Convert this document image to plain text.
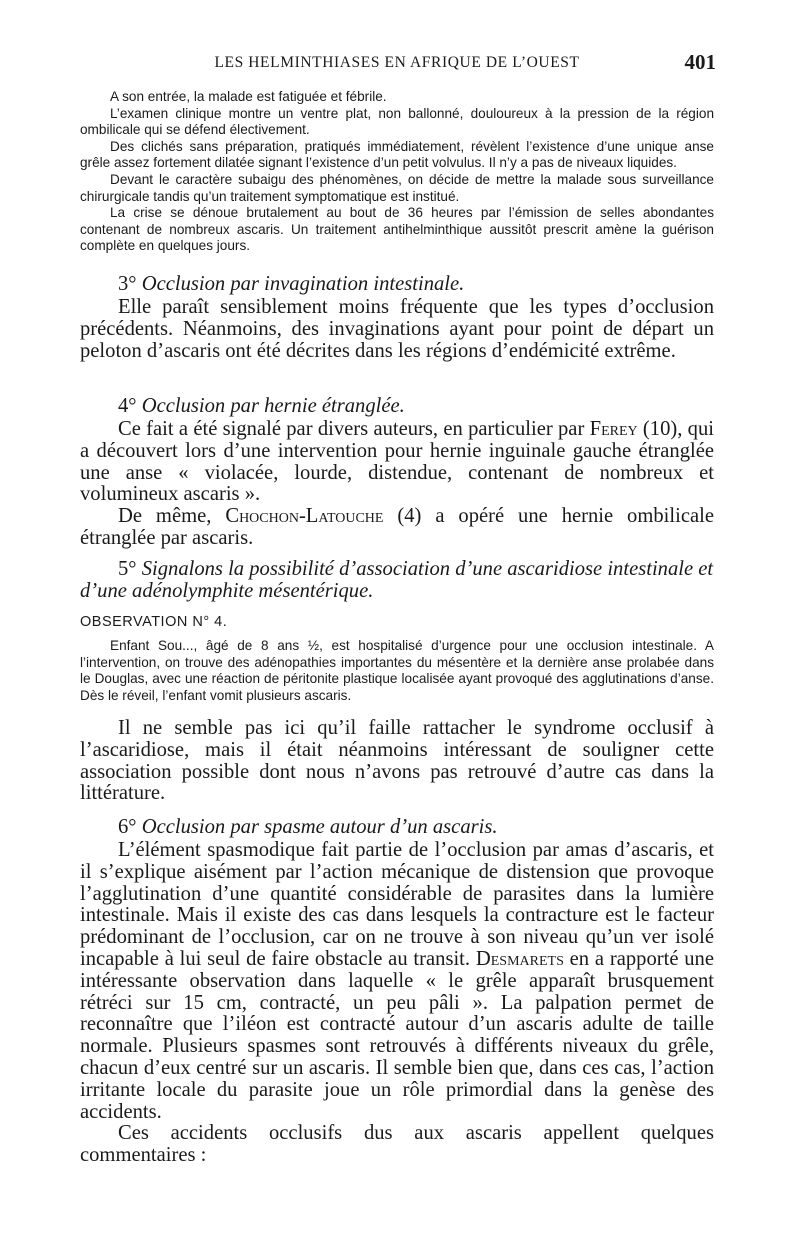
LES HELMINTHIASES EN AFRIQUE DE L’OUEST	401

A son entrée, la malade est fatiguée et fébrile.

L’examen clinique montre un ventre plat, non ballonné, douloureux à la pression de la région ombilicale qui se défend électivement.

Des clichés sans préparation, pratiqués immédiatement, révèlent l’existence d’une unique anse grêle assez fortement dilatée signant l’existence d’un petit volvulus. Il n’y a pas de niveaux liquides.

Devant le caractère subaigu des phénomènes, on décide de mettre la malade sous surveillance chirurgicale tandis qu’un traitement symptomatique est institué.

La crise se dénoue brutalement au bout de 36 heures par l’émission de selles abondantes contenant de nombreux ascaris. Un traitement antihelminthique aussitôt prescrit amène la guérison complète en quelques jours.

3° Occlusion par invagination intestinale.

Elle paraît sensiblement moins fréquente que les types d’occlusion précédents. Néanmoins, des invaginations ayant pour point de départ un peloton d’ascaris ont été décrites dans les régions d’endémicité extrême.

4° Occlusion par hernie étranglée.

Ce fait a été signalé par divers auteurs, en particulier par Ferey (10), qui a découvert lors d’une intervention pour hernie inguinale gauche étranglée une anse « violacée, lourde, distendue, contenant de nombreux et volumineux ascaris ».

De même, Chochon-Latouche (4) a opéré une hernie ombilicale étranglée par ascaris.

5° Signalons la possibilité d’association d’une ascaridiose intestinale et d’une adénolymphite mésentérique.
OBSERVATION N° 4.

Enfant Sou..., âgé de 8 ans ½, est hospitalisé d’urgence pour une occlusion intestinale. A l’intervention, on trouve des adénopathies importantes du mésentère et la dernière anse prolabée dans le Douglas, avec une réaction de péritonite plastique localisée ayant provoqué des agglutinations d’anse. Dès le réveil, l’enfant vomit plusieurs ascaris.

Il ne semble pas ici qu’il faille rattacher le syndrome occlusif à l’ascaridiose, mais il était néanmoins intéressant de souligner cette association possible dont nous n’avons pas retrouvé d’autre cas dans la littérature.

6° Occlusion par spasme autour d’un ascaris.

L’élément spasmodique fait partie de l’occlusion par amas d’ascaris, et il s’explique aisément par l’action mécanique de distension que provoque l’agglutination d’une quantité considérable de parasites dans la lumière intestinale. Mais il existe des cas dans lesquels la contracture est le facteur prédominant de l’occlusion, car on ne trouve à son niveau qu’un ver isolé incapable à lui seul de faire obstacle au transit. Desmarets en a rapporté une intéressante observation dans laquelle « le grêle apparaît brusquement rétréci sur 15 cm, contracté, un peu pâli ». La palpation permet de reconnaître que l’iléon est contracté autour d’un ascaris adulte de taille normale. Plusieurs spasmes sont retrouvés à différents niveaux du grêle, chacun d’eux centré sur un ascaris. Il semble bien que, dans ces cas, l’action irritante locale du parasite joue un rôle primordial dans la genèse des accidents.

Ces accidents occlusifs dus aux ascaris appellent quelques commentaires :
